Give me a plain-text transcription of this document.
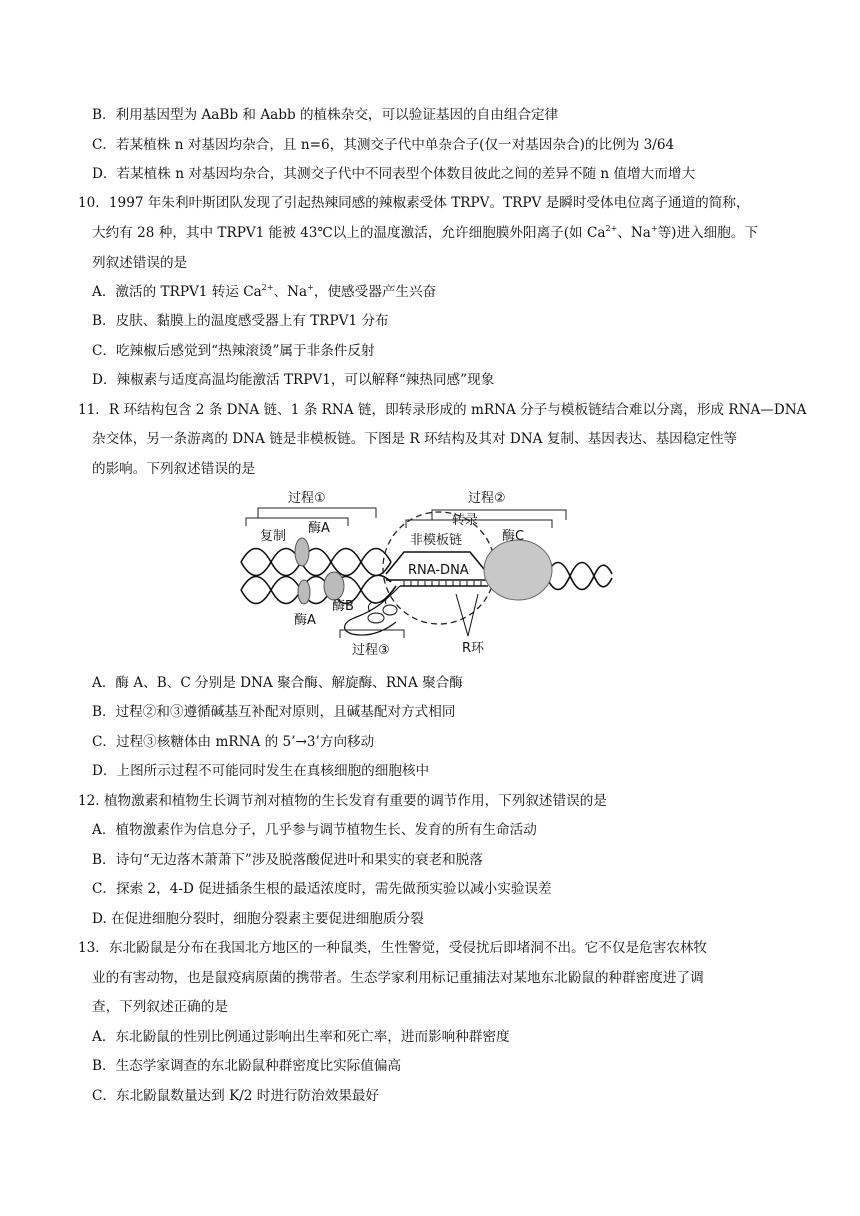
B．利用基因型为 AaBb 和 Aabb 的植株杂交，可以验证基因的自由组合定律
C．若某植株 n 对基因均杂合，且 n=6，其测交子代中单杂合子(仅一对基因杂合)的比例为 3/64
D．若某植株 n 对基因均杂合，其测交子代中不同表型个体数目彼此之间的差异不随 n 值增大而增大
10．1997 年朱利叶斯团队发现了引起热辣同感的辣椒素受体 TRPV。TRPV 是瞬时受体电位离子通道的简称，
大约有 28 种，其中 TRPV1 能被 43℃以上的温度激活，允许细胞膜外阳离子(如 $Ca^{2+}$、Na+等)进入细胞。下
列叙述错误的是
A．激活的 TRPV1 转运 $Ca^{2+}$、Na+，使感受器产生兴奋
B．皮肤、黏膜上的温度感受器上有 TRPV1 分布
C．吃辣椒后感觉到“热辣滚烫”属于非条件反射
D．辣椒素与适度高温均能激活 TRPV1，可以解释“辣热同感”现象
11．R 环结构包含 2 条 DNA 链、1 条 RNA 链，即转录形成的 mRNA 分子与模板链结合难以分离，形成 RNA—DNA
杂交体，另一条游离的 DNA 链是非模板链。下图是 R 环结构及其对 DNA 复制、基因表达、基因稳定性等
的影响。下列叙述错误的是
过程①
复制
过程②
转录
酶A
酶A
酶B
非模板链
RNA-DNA
酶C
R环
过程③
A．酶 A、B、C 分别是 DNA 聚合酶、解旋酶、RNA 聚合酶
B．过程②和③遵循碱基互补配对原则，且碱基配对方式相同
C．过程③核糖体由 mRNA 的 5’→3’方向移动
D．上图所示过程不可能同时发生在真核细胞的细胞核中
12. 植物激素和植物生长调节剂对植物的生长发育有重要的调节作用，下列叙述错误的是
A．植物激素作为信息分子，几乎参与调节植物生长、发育的所有生命活动
B．诗句“无边落木萧萧下”涉及脱落酸促进叶和果实的衰老和脱落
C．探索 2，4-D 促进插条生根的最适浓度时，需先做预实验以减小实验误差
D. 在促进细胞分裂时，细胞分裂素主要促进细胞质分裂
13．东北鼢鼠是分布在我国北方地区的一种鼠类，生性警觉，受侵扰后即堵洞不出。它不仅是危害农林牧
业的有害动物，也是鼠疫病原菌的携带者。生态学家利用标记重捕法对某地东北鼢鼠的种群密度进了调
查，下列叙述正确的是
A．东北鼢鼠的性别比例通过影响出生率和死亡率，进而影响种群密度
B．生态学家调查的东北鼢鼠种群密度比实际值偏高
C．东北鼢鼠数量达到 K/2 时进行防治效果最好
